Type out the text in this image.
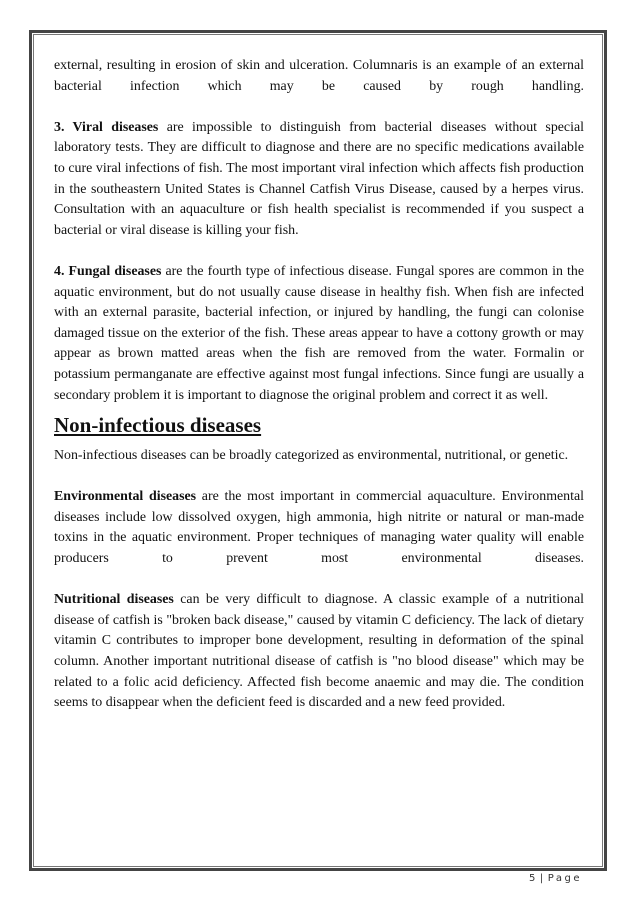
external, resulting in erosion of skin and ulceration. Columnaris is an example of an external bacterial infection which may be caused by rough handling.

3. Viral diseases are impossible to distinguish from bacterial diseases without special laboratory tests. They are difficult to diagnose and there are no specific medications available to cure viral infections of fish. The most important viral infection which affects fish production in the southeastern United States is Channel Catfish Virus Disease, caused by a herpes virus. Consultation with an aquaculture or fish health specialist is recommended if you suspect a bacterial or viral disease is killing your fish.

4. Fungal diseases are the fourth type of infectious disease. Fungal spores are common in the aquatic environment, but do not usually cause disease in healthy fish. When fish are infected with an external parasite, bacterial infection, or injured by handling, the fungi can colonise damaged tissue on the exterior of the fish. These areas appear to have a cottony growth or may appear as brown matted areas when the fish are removed from the water. Formalin or potassium permanganate are effective against most fungal infections. Since fungi are usually a secondary problem it is important to diagnose the original problem and correct it as well.

Non-infectious diseases

Non-infectious diseases can be broadly categorized as environmental, nutritional, or genetic.

Environmental diseases are the most important in commercial aquaculture. Environmental diseases include low dissolved oxygen, high ammonia, high nitrite or natural or man-made toxins in the aquatic environment. Proper techniques of managing water quality will enable producers to prevent most environmental diseases.

Nutritional diseases can be very difficult to diagnose. A classic example of a nutritional disease of catfish is "broken back disease," caused by vitamin C deficiency. The lack of dietary vitamin C contributes to improper bone development, resulting in deformation of the spinal column. Another important nutritional disease of catfish is "no blood disease" which may be related to a folic acid deficiency. Affected fish become anaemic and may die. The condition seems to disappear when the deficient feed is discarded and a new feed provided.

5 | Page
